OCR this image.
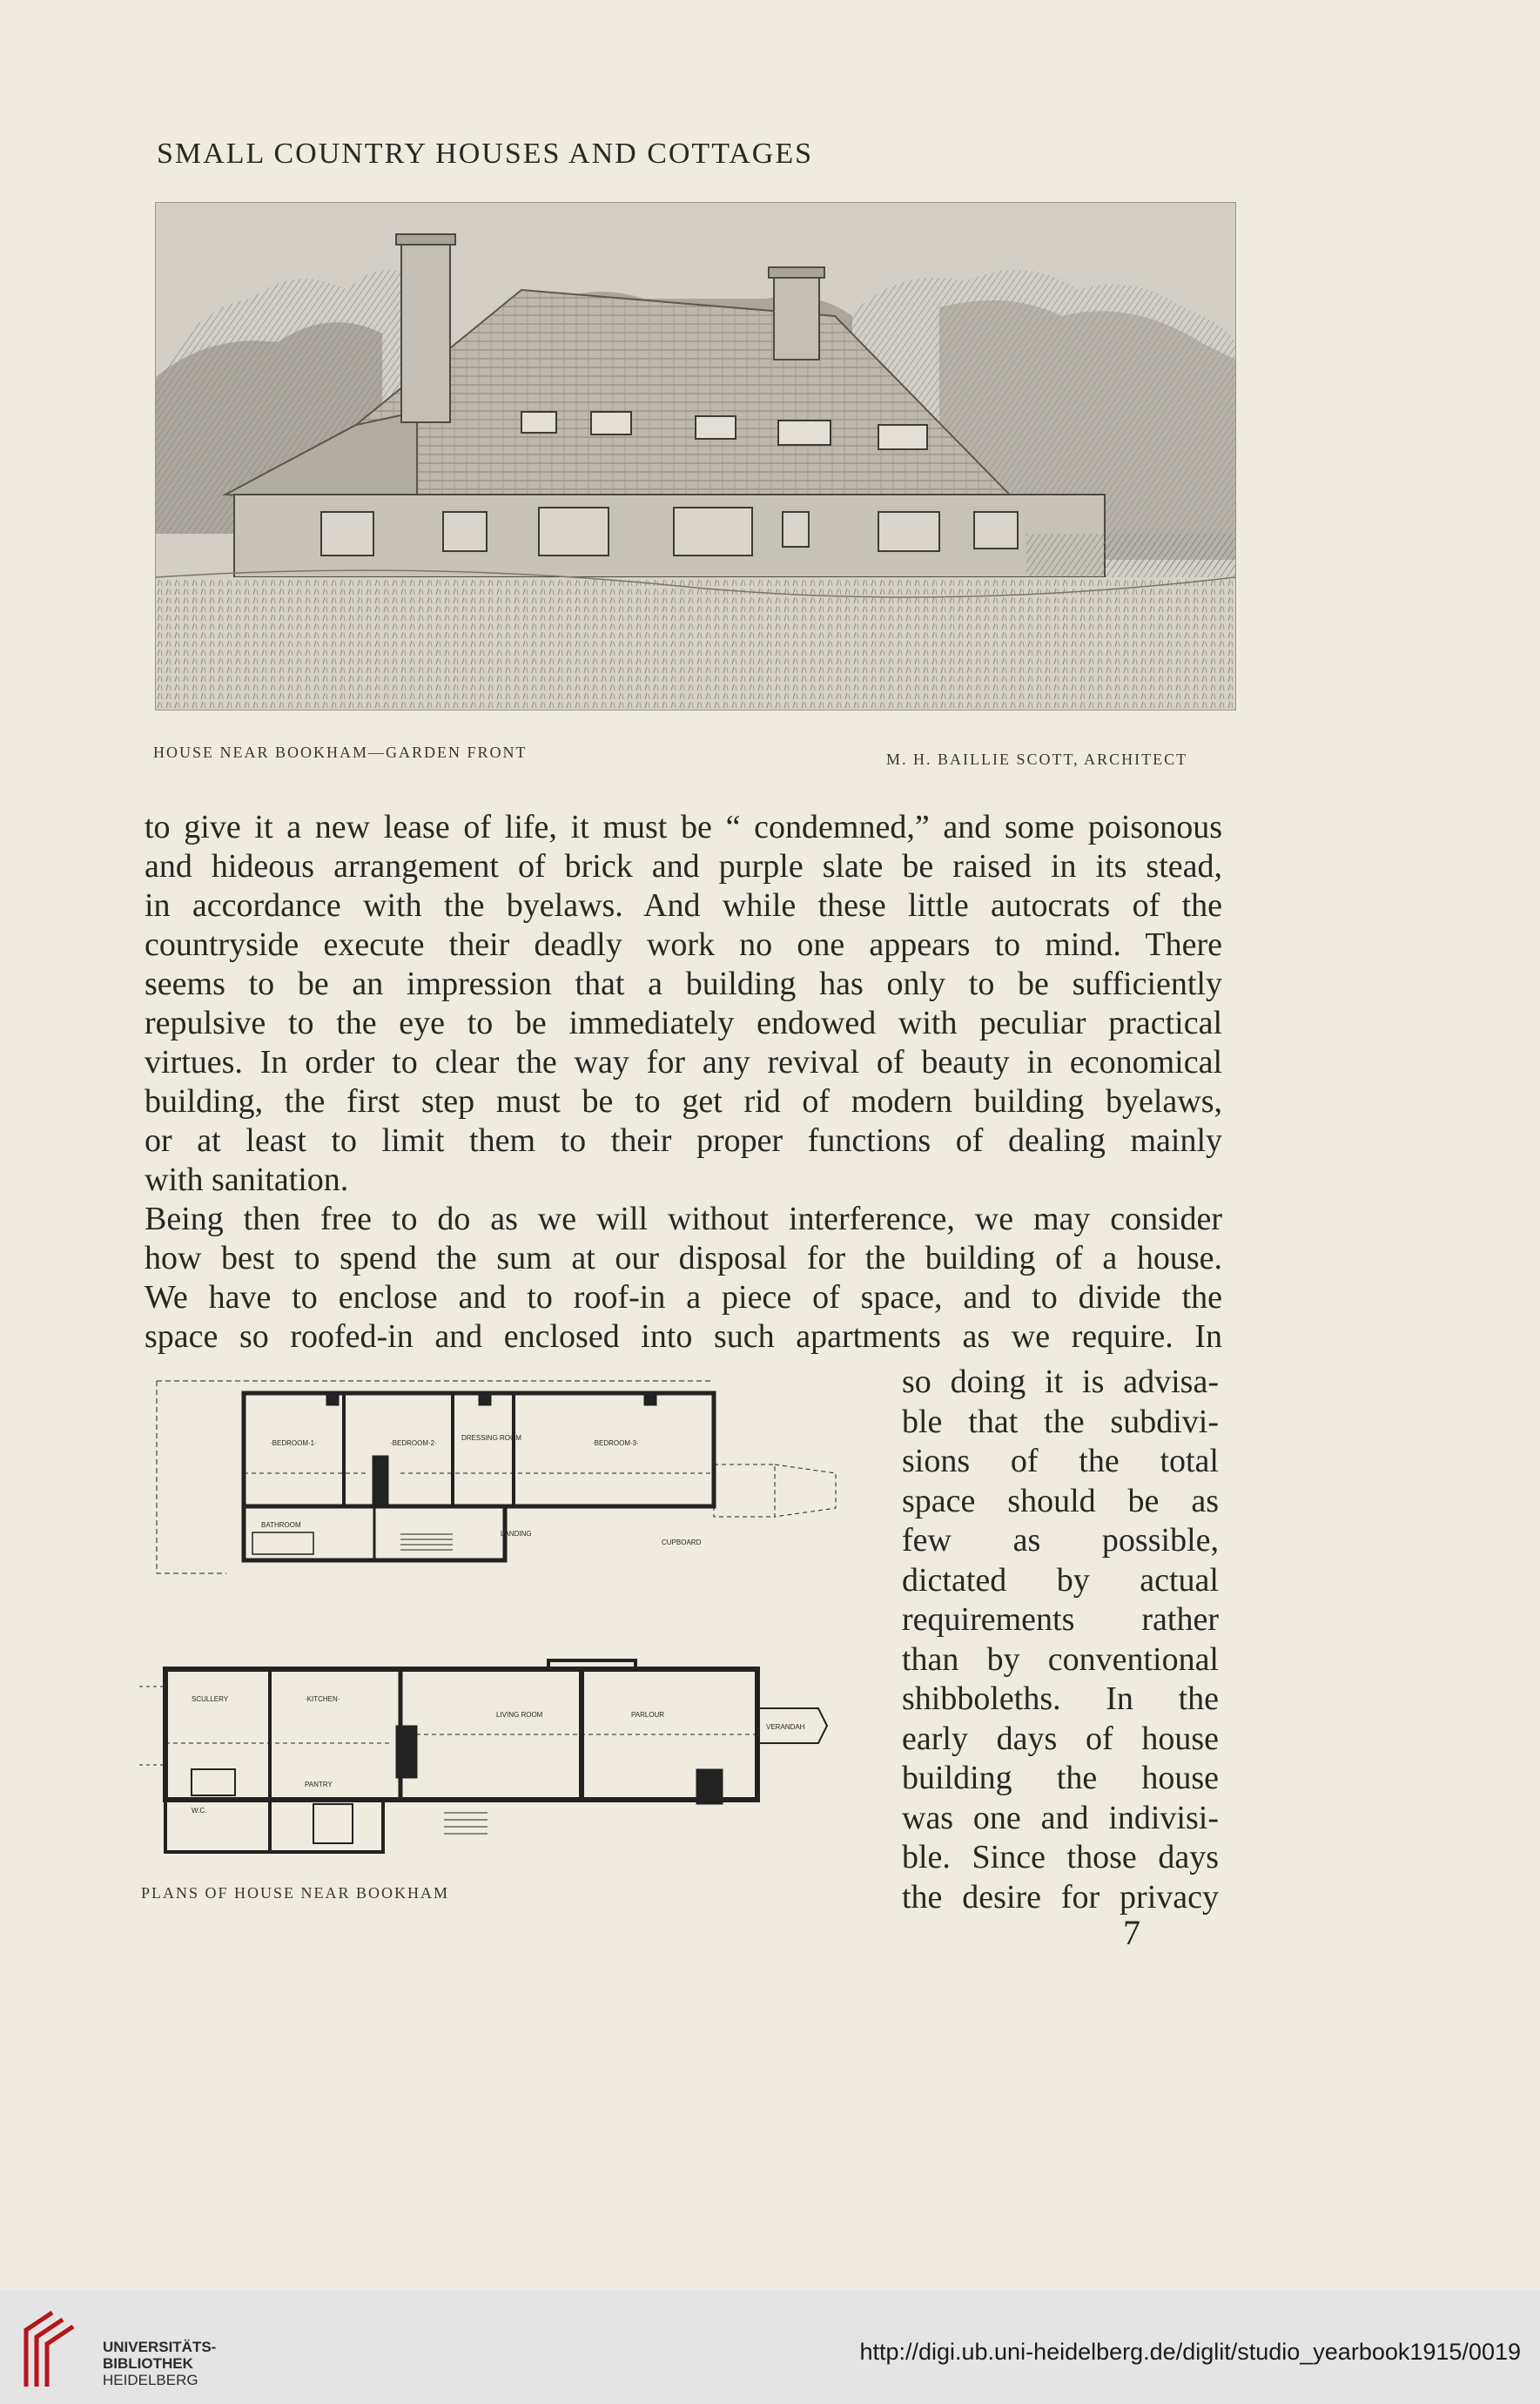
SMALL COUNTRY HOUSES AND COTTAGES
HOUSE NEAR BOOKHAM—GARDEN FRONT	M. H. BAILLIE SCOTT, ARCHITECT
to give it a new lease of life, it must be “ condemned,” and some poisonous
and hideous arrangement of brick and purple slate be raised in its stead,
in accordance with the byelaws. And while these little autocrats of the
countryside execute their deadly work no one appears to mind. There
seems to be an impression that a building has only to be sufficiently
repulsive to the eye to be immediately endowed with peculiar practical
virtues. In order to clear the way for any revival of beauty in economical
building, the first step must be to get rid of modern building byelaws,
or at least to limit them to their proper functions of dealing mainly
with sanitation.
Being then free to do as we will without interference, we may consider
how best to spend the sum at our disposal for the building of a house.
We have to enclose and to roof-in a piece of space, and to divide the
space so roofed-in and enclosed into such apartments as we require. In
·BEDROOM·1·	·BEDROOM·2·
DRESSING ROOM
·BEDROOM·3·
BATHROOM
LANDING
CUPBOARD
·KITCHEN·
LIVING ROOM	PARLOUR
SCULLERY
PANTRY
W.C.
VERANDAH
PLANS OF HOUSE NEAR BOOKHAM
so doing it is advisa-
ble that the subdivi-
sions of the total
space should be as
few as possible,
dictated by actual
requirements rather
than by conventional
shibboleths. In the
early days of house
building the house
was one and indivisi-
ble. Since those days
the desire for privacy
7
UNIVERSITÄTS-
BIBLIOTHEK
HEIDELBERG
http://digi.ub.uni-heidelberg.de/diglit/studio_yearbook1915/0019
